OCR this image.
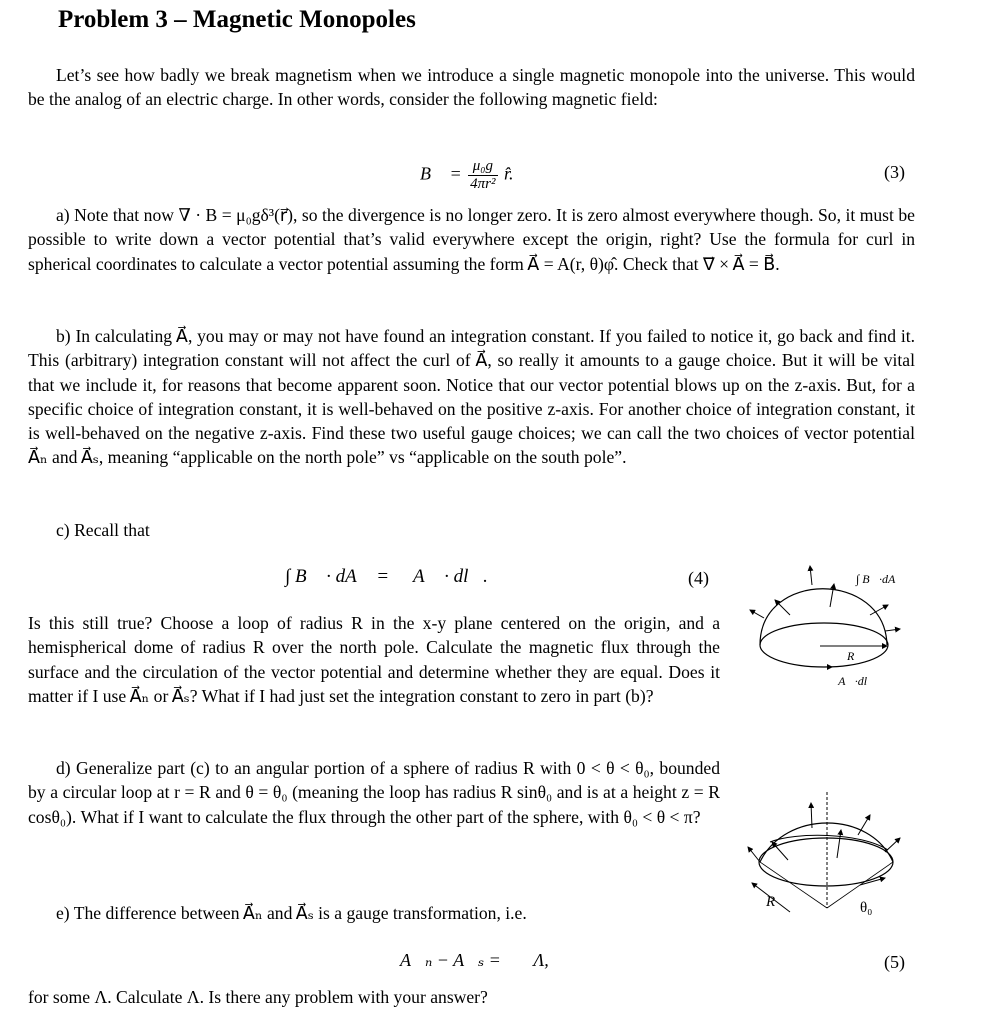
Problem 3 – Magnetic Monopoles
Let’s see how badly we break magnetism when we introduce a single magnetic monopole into the universe. This would be the analog of an electric charge. In other words, consider the following magnetic field:
B⃗ = $\frac{\text{μ₀g}}{\text{4πr²}}$ r̂.	(3)
a) Note that now ∇ · B = μ₀gδ³(r⃗), so the divergence is no longer zero. It is zero almost everywhere though. So, it must be possible to write down a vector potential that’s valid everywhere except the origin, right? Use the formula for curl in spherical coordinates to calculate a vector potential assuming the form A⃗ = A(r, θ)φ̂. Check that ∇⃗ × A⃗ = B⃗.
b) In calculating A⃗, you may or may not have found an integration constant. If you failed to notice it, go back and find it. This (arbitrary) integration constant will not affect the curl of A⃗, so really it amounts to a gauge choice. But it will be vital that we include it, for reasons that become apparent soon. Notice that our vector potential blows up on the z-axis. But, for a specific choice of integration constant, it is well-behaved on the positive z-axis. For another choice of integration constant, it is well-behaved on the negative z-axis. Find these two useful gauge choices; we can call the two choices of vector potential A⃗ₙ and A⃗ₛ, meaning “applicable on the north pole” vs “applicable on the south pole”.
c) Recall that
∫ B⃗ · dA⃗ = ∮ A⃗ · dl⃗.	(4)
Is this still true? Choose a loop of radius R in the x-y plane centered on the origin, and a hemispherical dome of radius R over the north pole. Calculate the magnetic flux through the surface and the circulation of the vector potential and determine whether they are equal. Does it matter if I use A⃗ₙ or A⃗ₛ? What if I had just set the integration constant to zero in part (b)?
d) Generalize part (c) to an angular portion of a sphere of radius R with 0 < θ < θ₀, bounded by a circular loop at r = R and θ = θ₀ (meaning the loop has radius R sinθ₀ and is at a height z = R cosθ₀). What if I want to calculate the flux through the other part of the sphere, with θ₀ < θ < π?
e) The difference between A⃗ₙ and A⃗ₛ is a gauge transformation, i.e.
A⃗ₙ − A⃗ₛ = ∇⃗Λ,	(5)
for some Λ. Calculate Λ. Is there any problem with your answer?
∫ B⃗·dA⃗
R
∮ A⃗·dl⃗
R	θ₀
